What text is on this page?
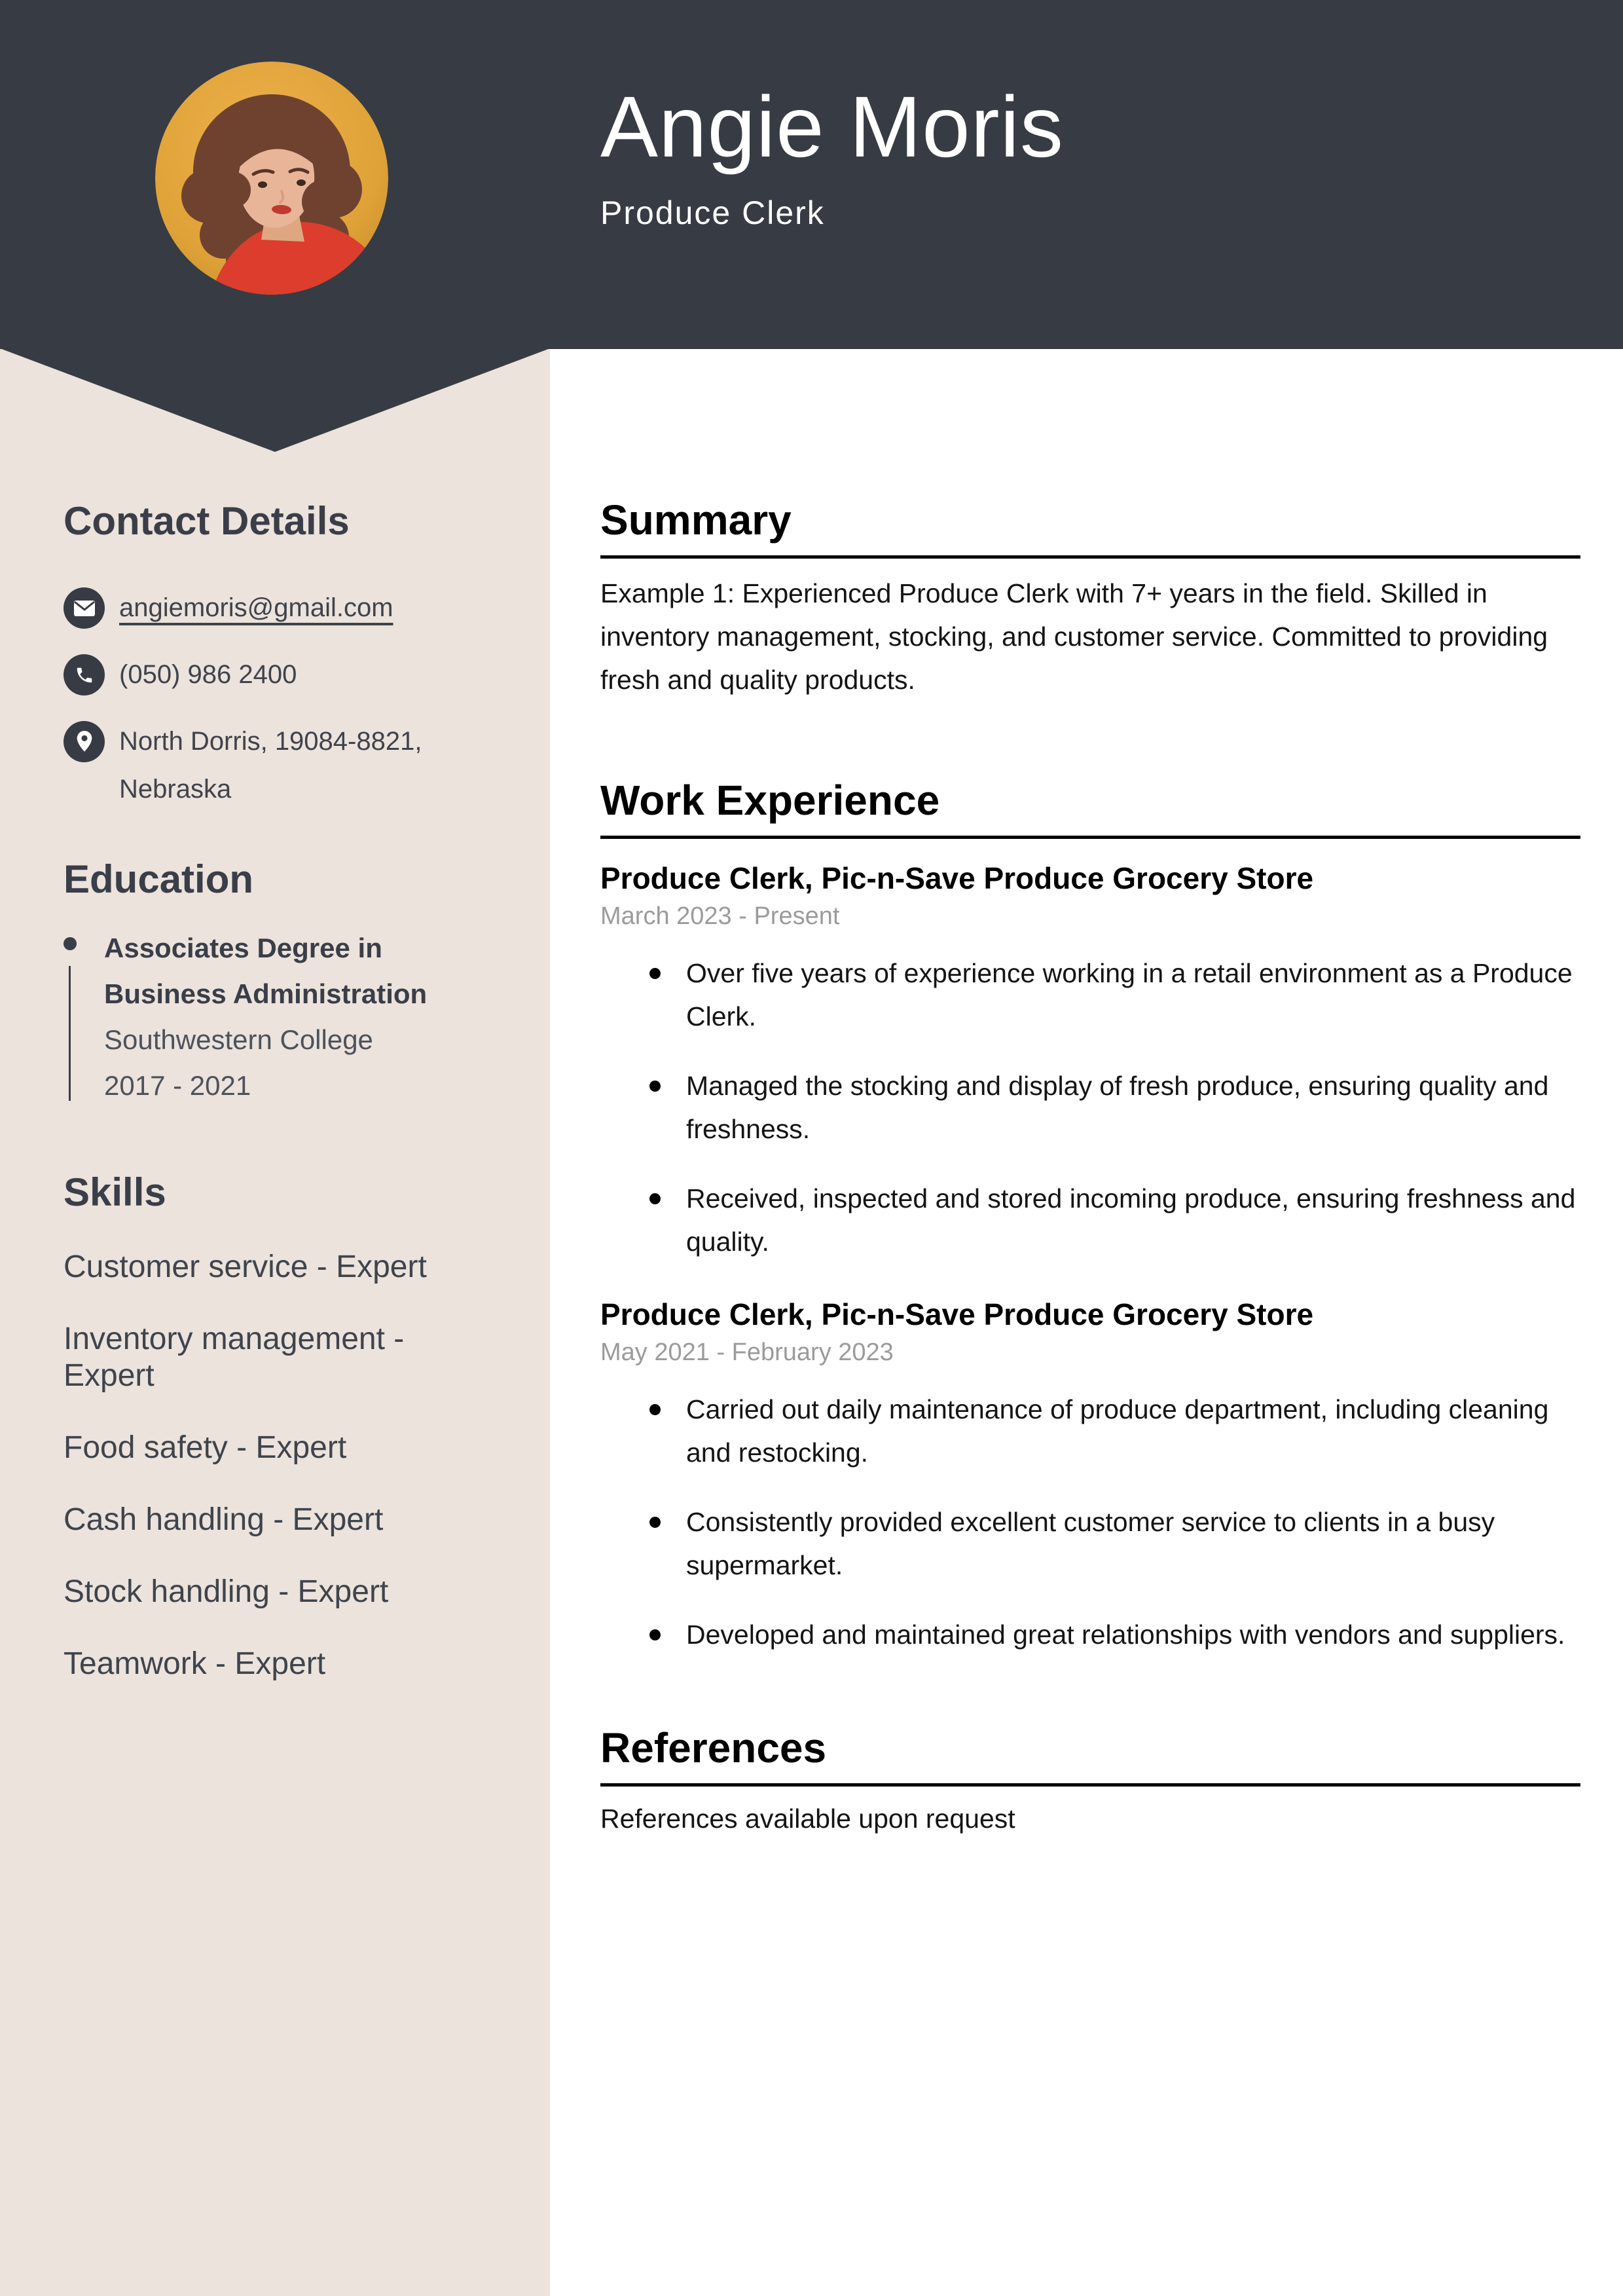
Angie Moris
Produce Clerk
Contact Details
angiemoris@gmail.com
(050) 986 2400
North Dorris, 19084-8821, Nebraska
Education
Associates Degree in Business Administration
Southwestern College
2017 - 2021
Skills
Customer service - Expert
Inventory management - Expert
Food safety - Expert
Cash handling - Expert
Stock handling - Expert
Teamwork - Expert
Summary

Example 1: Experienced Produce Clerk with 7+ years in the field. Skilled in inventory management, stocking, and customer service. Committed to providing fresh and quality products.

Work Experience
Produce Clerk, Pic-n-Save Produce Grocery Store
March 2023 - Present
Over five years of experience working in a retail environment as a Produce Clerk.
Managed the stocking and display of fresh produce, ensuring quality and freshness.
Received, inspected and stored incoming produce, ensuring freshness and quality.
Produce Clerk, Pic-n-Save Produce Grocery Store
May 2021 - February 2023
Carried out daily maintenance of produce department, including cleaning and restocking.
Consistently provided excellent customer service to clients in a busy supermarket.
Developed and maintained great relationships with vendors and suppliers.
References

References available upon request
